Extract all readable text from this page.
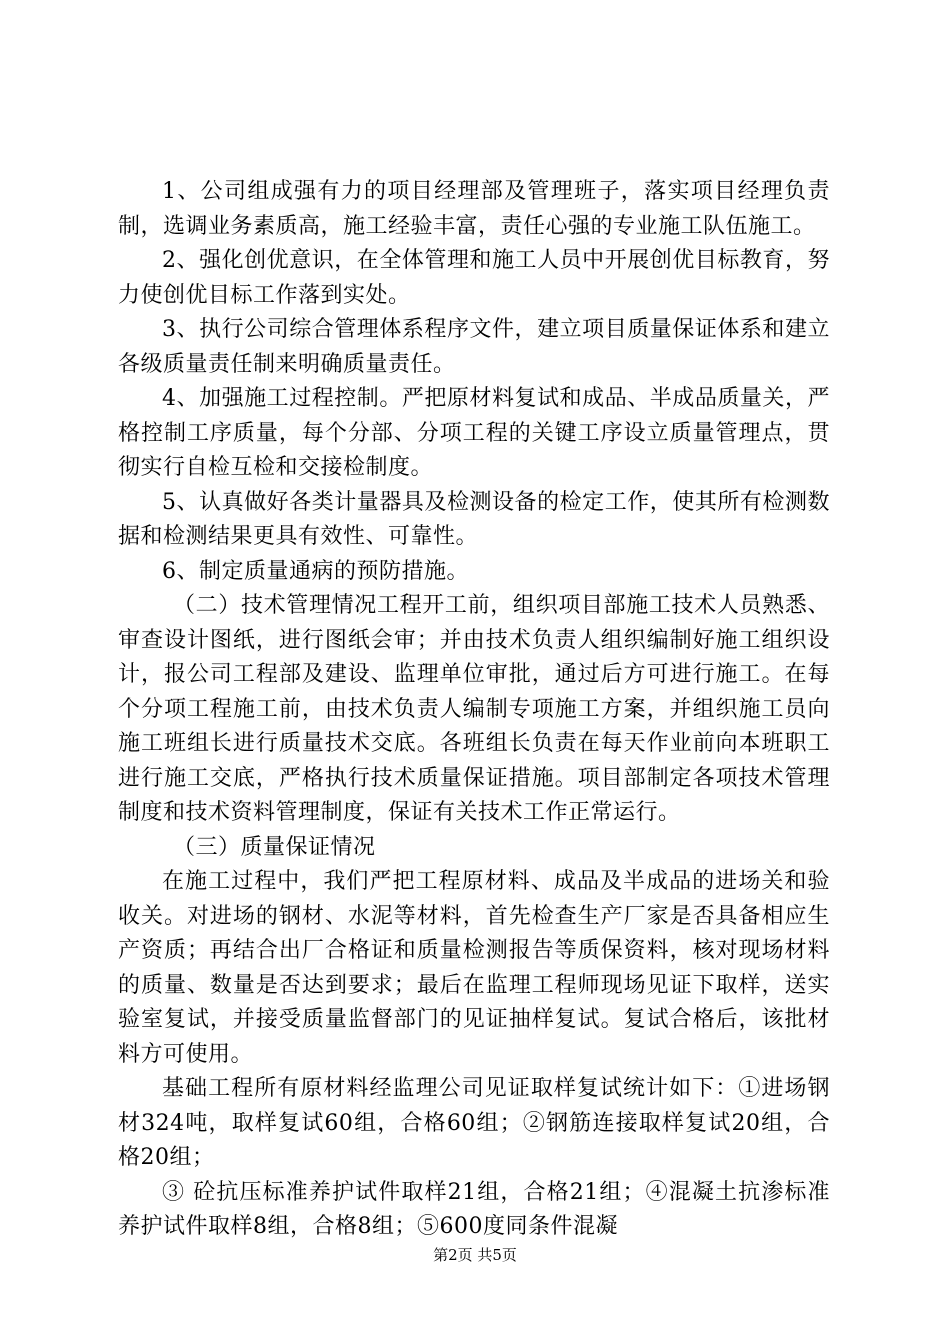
1、公司组成强有力的项目经理部及管理班子，落实项目经理负责制，选调业务素质高，施工经验丰富，责任心强的专业施工队伍施工。

2、强化创优意识，在全体管理和施工人员中开展创优目标教育，努力使创优目标工作落到实处。

3、执行公司综合管理体系程序文件，建立项目质量保证体系和建立各级质量责任制来明确质量责任。

4、加强施工过程控制。严把原材料复试和成品、半成品质量关，严格控制工序质量，每个分部、分项工程的关键工序设立质量管理点，贯彻实行自检互检和交接检制度。

5、认真做好各类计量器具及检测设备的检定工作，使其所有检测数据和检测结果更具有效性、可靠性。

6、制定质量通病的预防措施。

（二）技术管理情况工程开工前，组织项目部施工技术人员熟悉、审查设计图纸，进行图纸会审；并由技术负责人组织编制好施工组织设计，报公司工程部及建设、监理单位审批，通过后方可进行施工。在每个分项工程施工前，由技术负责人编制专项施工方案，并组织施工员向施工班组长进行质量技术交底。各班组长负责在每天作业前向本班职工进行施工交底，严格执行技术质量保证措施。项目部制定各项技术管理制度和技术资料管理制度，保证有关技术工作正常运行。

（三）质量保证情况

在施工过程中，我们严把工程原材料、成品及半成品的进场关和验收关。对进场的钢材、水泥等材料，首先检查生产厂家是否具备相应生产资质；再结合出厂合格证和质量检测报告等质保资料，核对现场材料的质量、数量是否达到要求；最后在监理工程师现场见证下取样，送实验室复试，并接受质量监督部门的见证抽样复试。复试合格后，该批材料方可使用。

基础工程所有原材料经监理公司见证取样复试统计如下：①进场钢材324吨，取样复试60组，合格60组；②钢筋连接取样复试20组，合格20组；

③ 砼抗压标准养护试件取样21组，合格21组；④混凝土抗渗标准养护试件取样8组，合格8组；⑤600度同条件混凝

第2页 共5页
